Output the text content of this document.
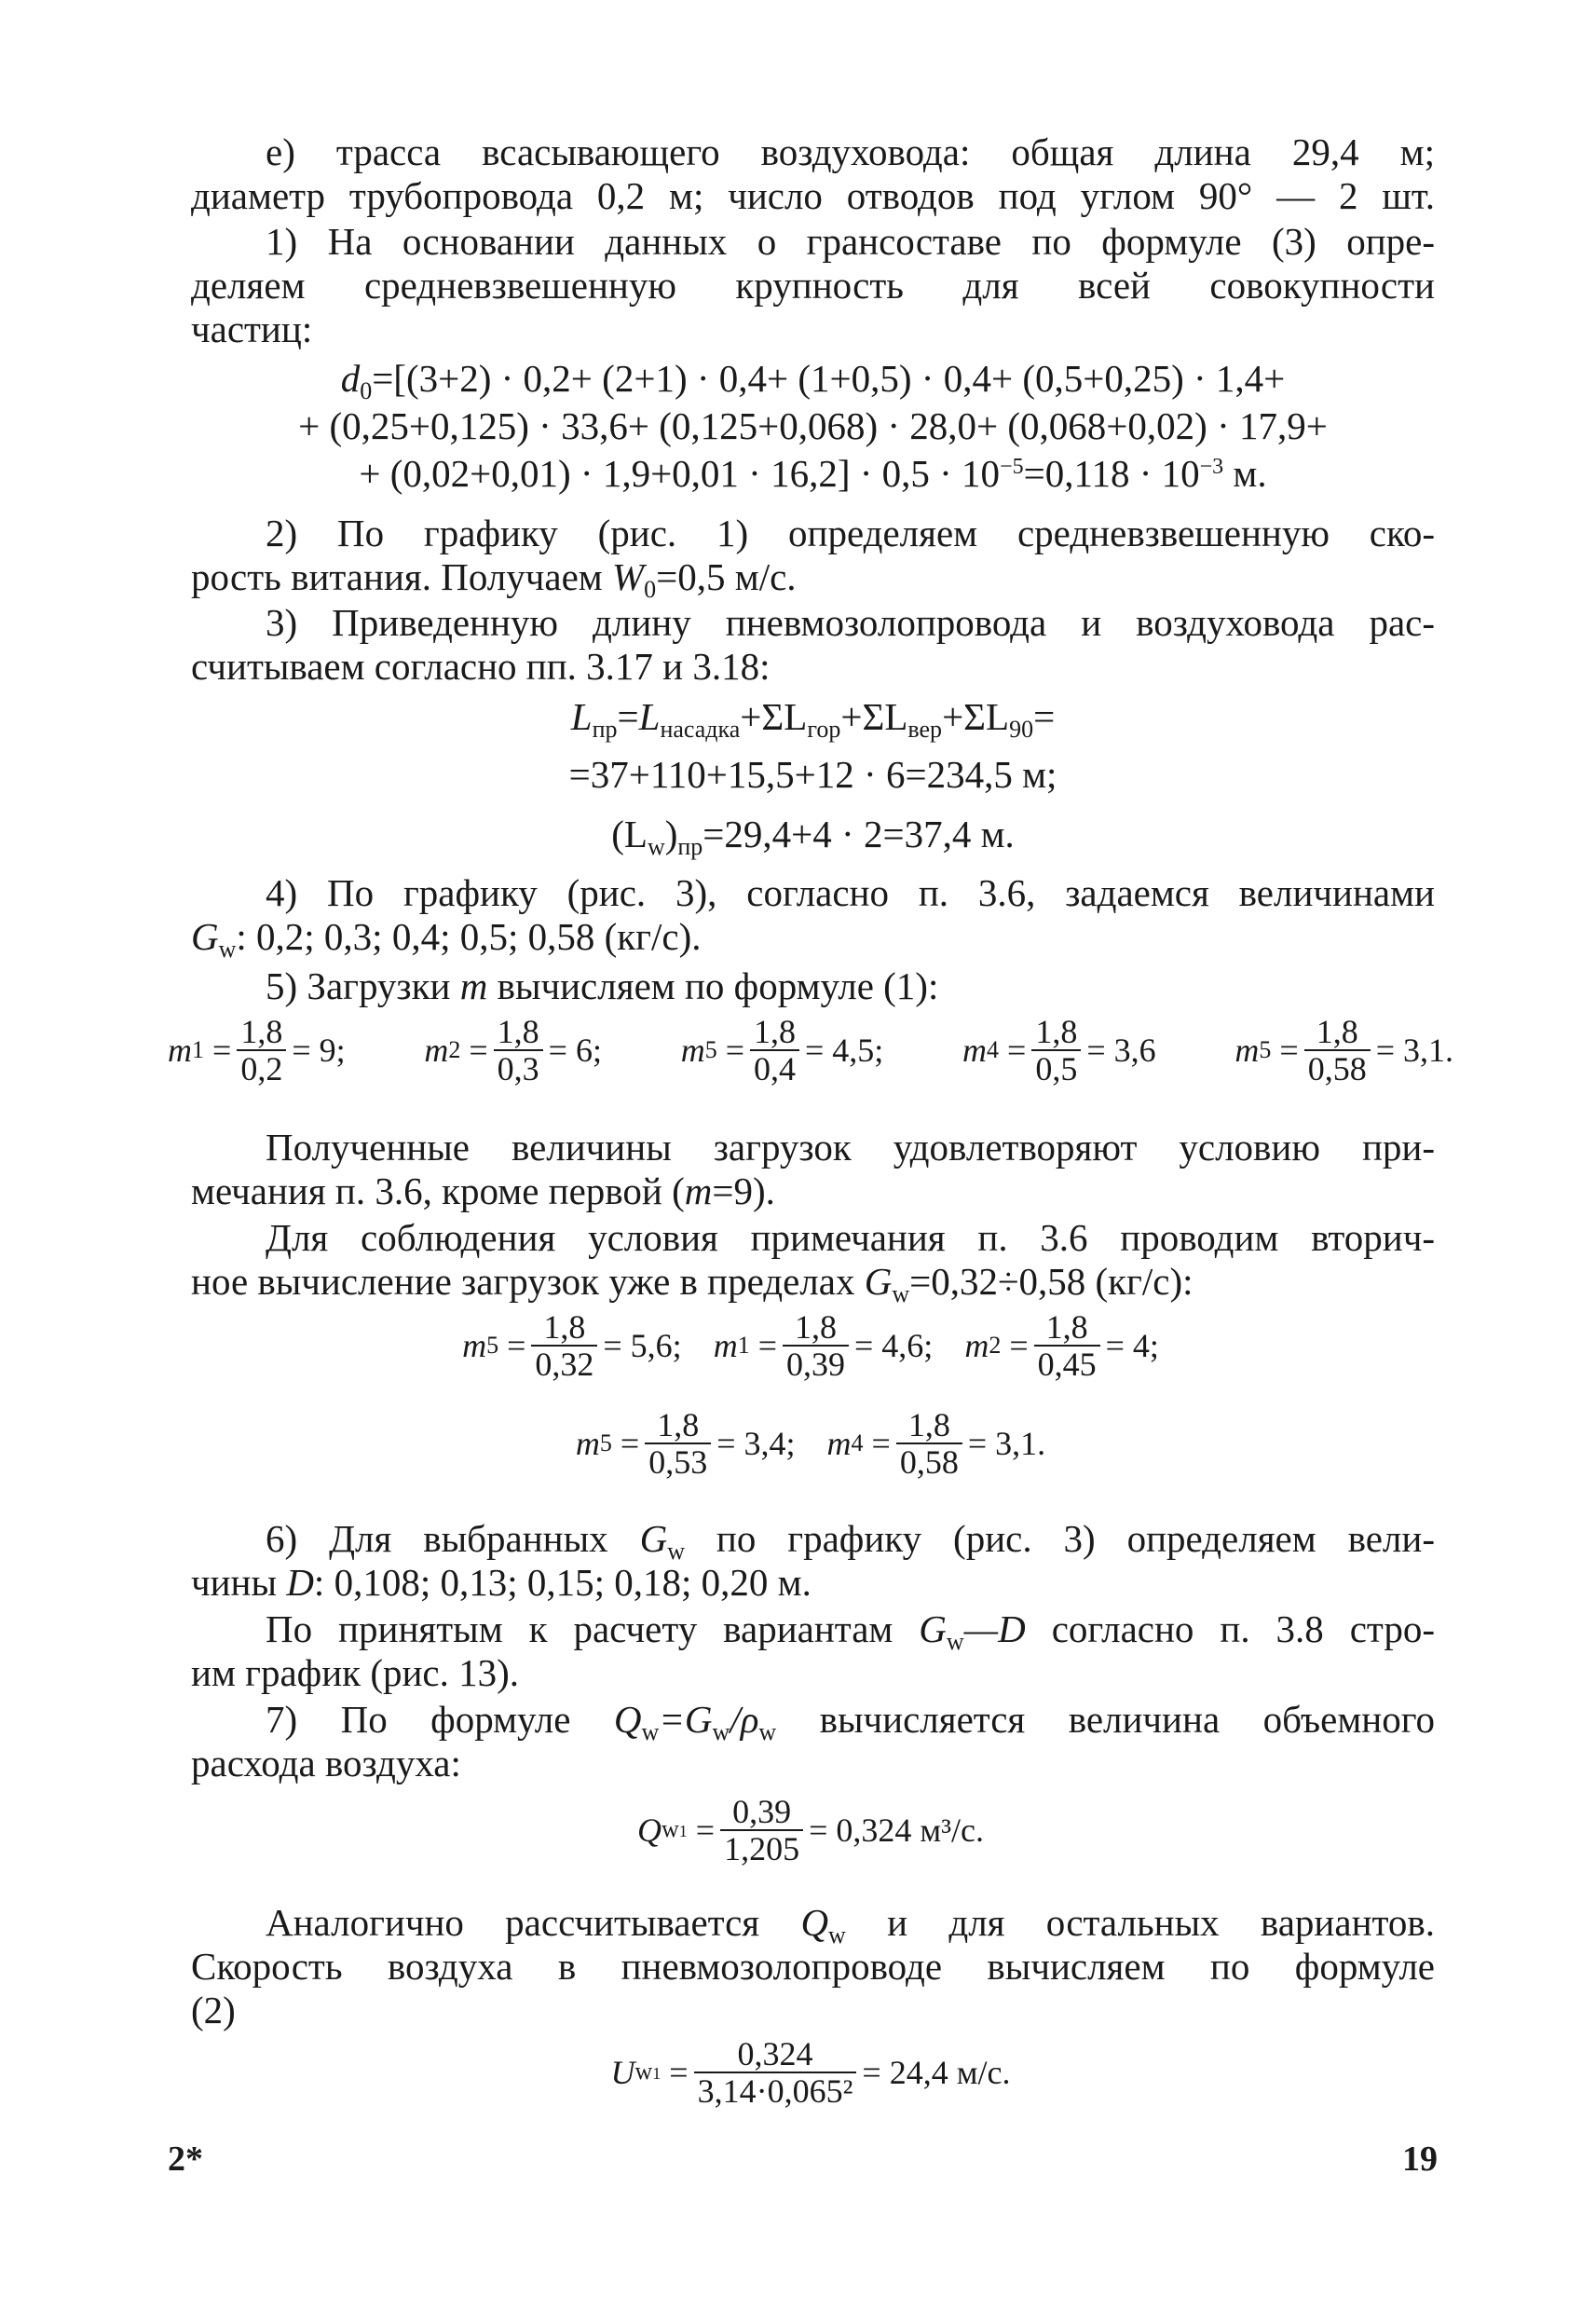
е) трасса всасывающего воздуховода: общая длина 29,4 м;
диаметр трубопровода 0,2 м; число отводов под углом 90° — 2 шт.
1) На основании данных о грансоставе по формуле (3) опре-
деляем средневзвешенную крупность для всей совокупности
частиц:
$d_0=[(3+2) \cdot 0,2+ (2+1) \cdot 0,4+ (1+0,5) \cdot 0,4+ (0,5+0,25) \cdot 1,4+$
+ (0,25+0,125) · 33,6+ (0,125+0,068) · 28,0+ (0,068+0,02) · 17,9+
+ $(0,02+0,01) \cdot 1,9+0,01 \cdot 16,2] \cdot 0,5 \cdot 10^{-5}=0,118 \cdot 10^{-3}$ м.
2) По графику (рис. 1) определяем средневзвешенную ско-
рость витания. Получаем $W_0=0,5$ м/с.
3) Приведенную длину пневмозолопровода и воздуховода рас-
считываем согласно пп. 3.17 и 3.18:
$L_{пр}=L_{насадка}+\Sigma L_{гор}+\Sigma L_{вер}+\Sigma L_{90}=$
=37+110+15,5+12 · 6=234,5 м;
$(L_w)_{пр}=29,4+4 \cdot 2=37,4$ м.
4) По графику (рис. 3), согласно п. 3.6, задаемся величинами
$G_w$: 0,2; 0,3; 0,4; 0,5; 0,58 (кг/с).
5) Загрузки m вычисляем по формуле (1):
m $1 = \frac{1,8}{0,2} = 9$; m $2 = \frac{1,8}{0,3} = 6$; m $5 = \frac{1,8}{0,4} = 4,5$; m $4 = \frac{1,8}{0,5} = 3,6$ m $5 = \frac{1,8}{0,58} = 3,1$.
Полученные величины загрузок удовлетворяют условию при-
мечания п. 3.6, кроме первой (m=9).
Для соблюдения условия примечания п. 3.6 проводим вторич-
ное вычисление загрузок уже в пределах $G_w=0,32\div 0,58$ (кг/с):
m $5 = \frac{1,8}{0,32} = 5,6$; m $1 = \frac{1,8}{0,39} = 4,6$; m $2 = \frac{1,8}{0,45} = 4$;
m $5 = \frac{1,8}{0,53} = 3,4$; m $4 = \frac{1,8}{0,58} = 3,1$.
6) Для выбранных $G_w$ по графику (рис. 3) определяем вели-
чины D: 0,108; 0,13; 0,15; 0,18; 0,20 м.
По принятым к расчету вариантам $G_w—D$ согласно п. 3.8 стро-
им график (рис. 13).
7) По формуле $Q_w=G_w/\rho_w$ вычисляется величина объемного
расхода воздуха:
Q $w1 = \frac{0,39}{1,205} = 0,324$ м³/с.
Аналогично рассчитывается $Q_w$ и для остальных вариантов.
Скорость воздуха в пневмозолопроводе вычисляем по формуле
(2)
U $w1 = \frac{0,324}{\text{3,14·0,065²}} = 24,4$ м/с.
2*	19
